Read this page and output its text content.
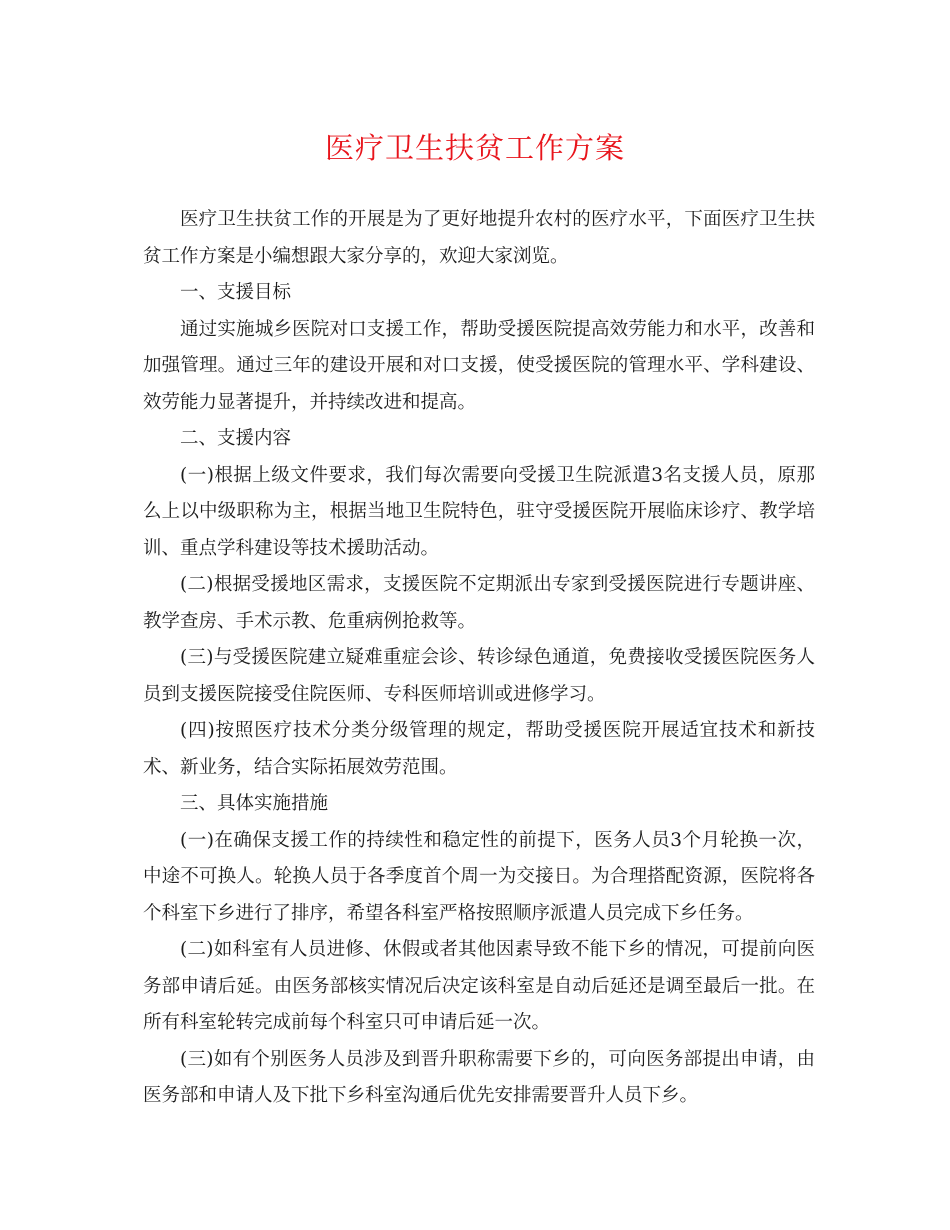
医疗卫生扶贫工作方案

医疗卫生扶贫工作的开展是为了更好地提升农村的医疗水平，下面医疗卫生扶贫工作方案是小编想跟大家分享的，欢迎大家浏览。

一、支援目标

通过实施城乡医院对口支援工作，帮助受援医院提高效劳能力和水平，改善和加强管理。通过三年的建设开展和对口支援，使受援医院的管理水平、学科建设、效劳能力显著提升，并持续改进和提高。

二、支援内容

(一)根据上级文件要求，我们每次需要向受援卫生院派遣3名支援人员，原那么上以中级职称为主，根据当地卫生院特色，驻守受援医院开展临床诊疗、教学培训、重点学科建设等技术援助活动。

(二)根据受援地区需求，支援医院不定期派出专家到受援医院进行专题讲座、教学查房、手术示教、危重病例抢救等。

(三)与受援医院建立疑难重症会诊、转诊绿色通道，免费接收受援医院医务人员到支援医院接受住院医师、专科医师培训或进修学习。

(四)按照医疗技术分类分级管理的规定，帮助受援医院开展适宜技术和新技术、新业务，结合实际拓展效劳范围。

三、具体实施措施

(一)在确保支援工作的持续性和稳定性的前提下，医务人员3个月轮换一次，中途不可换人。轮换人员于各季度首个周一为交接日。为合理搭配资源，医院将各个科室下乡进行了排序，希望各科室严格按照顺序派遣人员完成下乡任务。

(二)如科室有人员进修、休假或者其他因素导致不能下乡的情况，可提前向医务部申请后延。由医务部核实情况后决定该科室是自动后延还是调至最后一批。在所有科室轮转完成前每个科室只可申请后延一次。

(三)如有个别医务人员涉及到晋升职称需要下乡的，可向医务部提出申请，由医务部和申请人及下批下乡科室沟通后优先安排需要晋升人员下乡。
